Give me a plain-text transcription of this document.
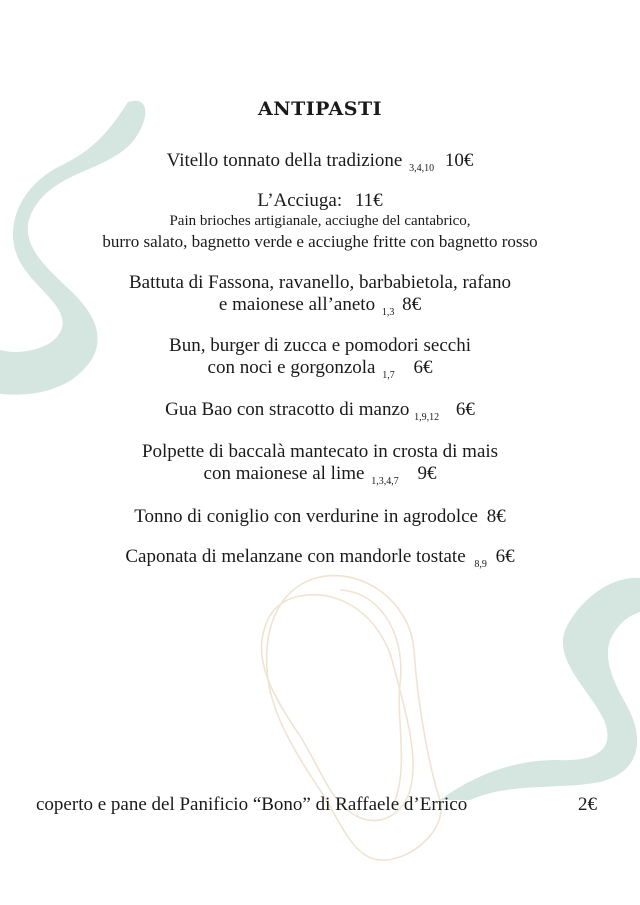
ANTIPASTI
Vitello tonnato della tradizione $_{3,4,10}$ 10€
L’Acciuga: 11€
Pain brioches artigianale, acciughe del cantabrico,
burro salato, bagnetto verde e acciughe fritte con bagnetto rosso
Battuta di Fassona, ravanello, barbabietola, rafano
e maionese all’aneto $_{1,3}$ 8€
Bun, burger di zucca e pomodori secchi
con noci e gorgonzola $_{1,7}$ 6€
Gua Bao con stracotto di manzo $_{1,9,12}$ 6€
Polpette di baccalà mantecato in crosta di mais
con maionese al lime $_{1,3,4,7}$ 9€
Tonno di coniglio con verdurine in agrodolce 8€
Caponata di melanzane con mandorle tostate $_{8,9}$ 6€
coperto e pane del Panificio “Bono” di Raffaele d’Errico	2€
